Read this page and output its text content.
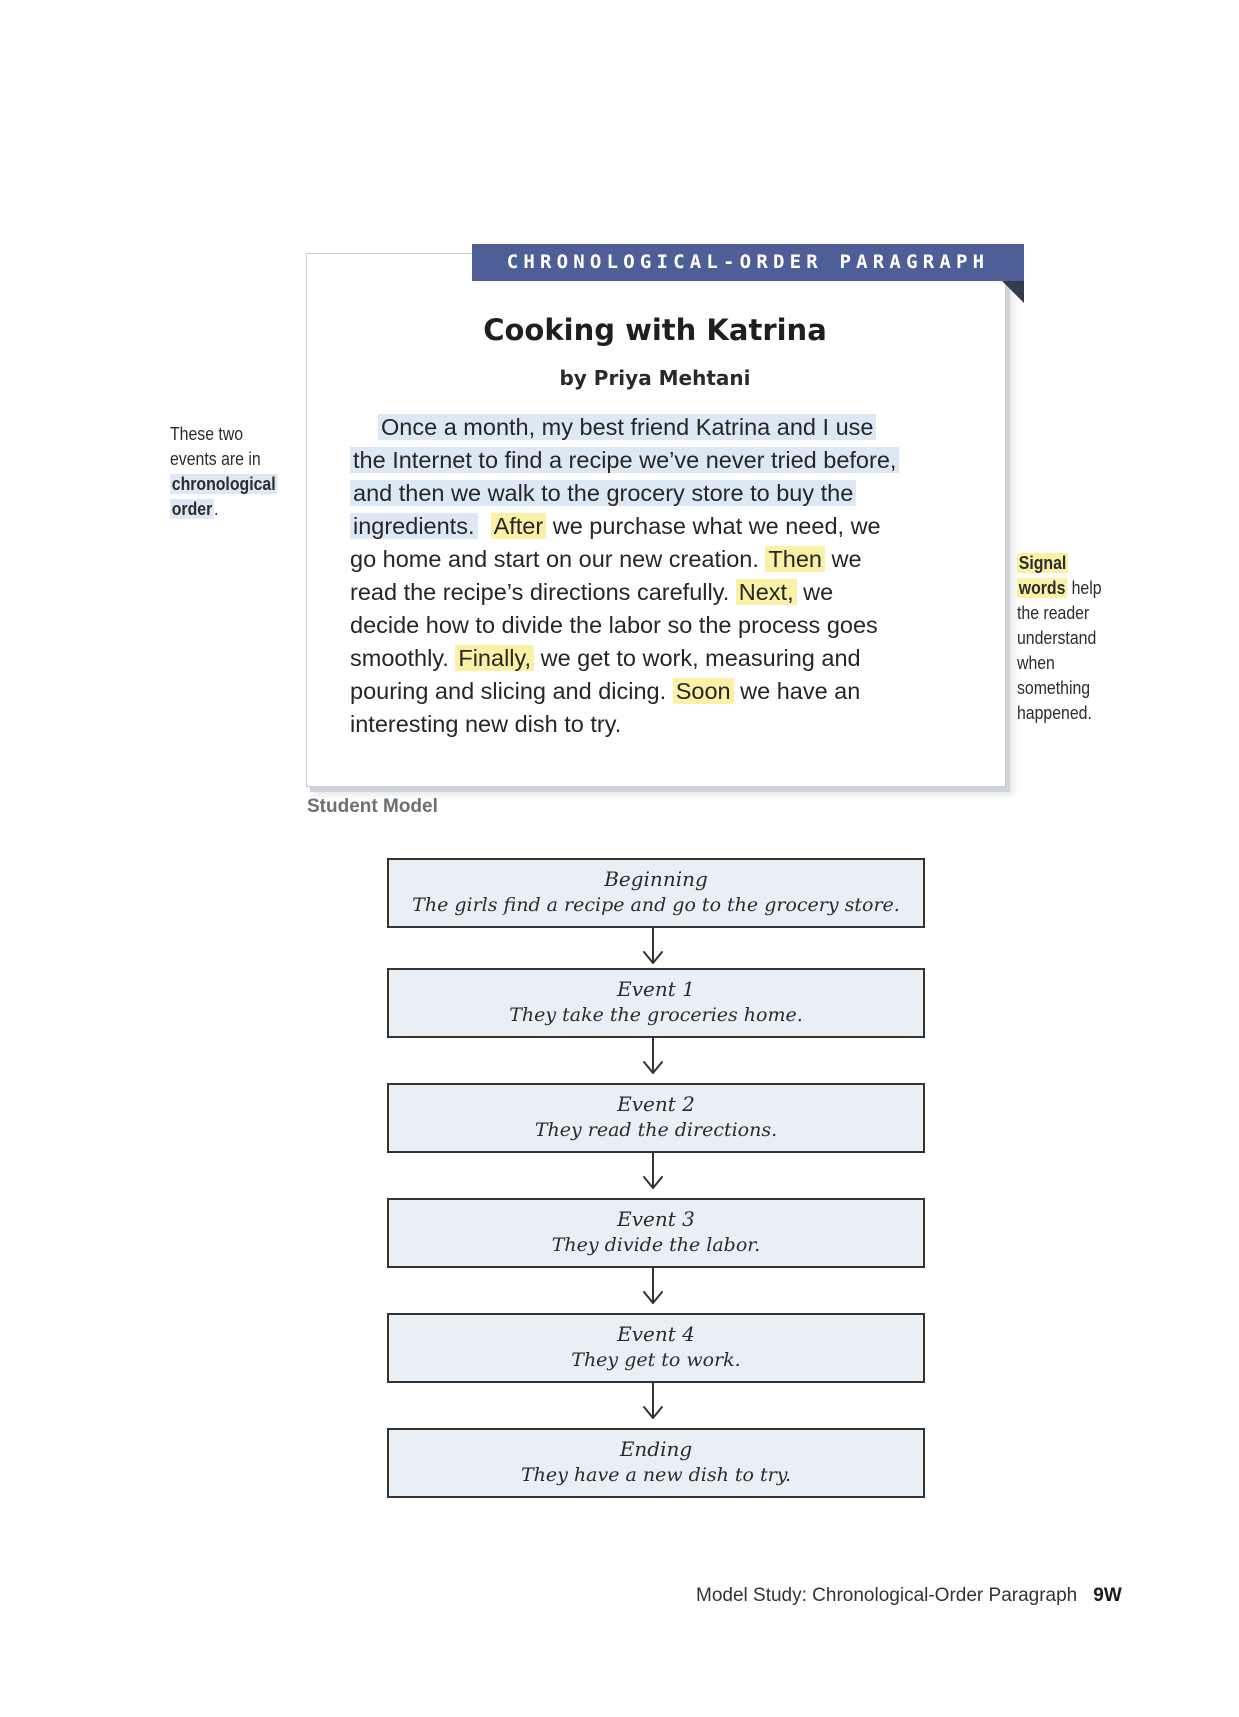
CHRONOLOGICAL-ORDER PARAGRAPH
Cooking with Katrina
by Priya Mehtani
Once a month, my best friend Katrina and I use
the Internet to find a recipe we’ve never tried before,
and then we walk to the grocery store to buy the
ingredients. After we purchase what we need, we
go home and start on our new creation. Then we
read the recipe’s directions carefully. Next, we
decide how to divide the labor so the process goes
smoothly. Finally, we get to work, measuring and
pouring and slicing and dicing. Soon we have an
interesting new dish to try.
These two
events are in
chronological
order.
Signal
words help
the reader
understand
when
something
happened.
Student Model
Beginning
The girls find a recipe and go to the grocery store.
Event 1
They take the groceries home.
Event 2
They read the directions.
Event 3
They divide the labor.
Event 4
They get to work.
Ending
They have a new dish to try.
Model Study: Chronological-Order Paragraph 9W
